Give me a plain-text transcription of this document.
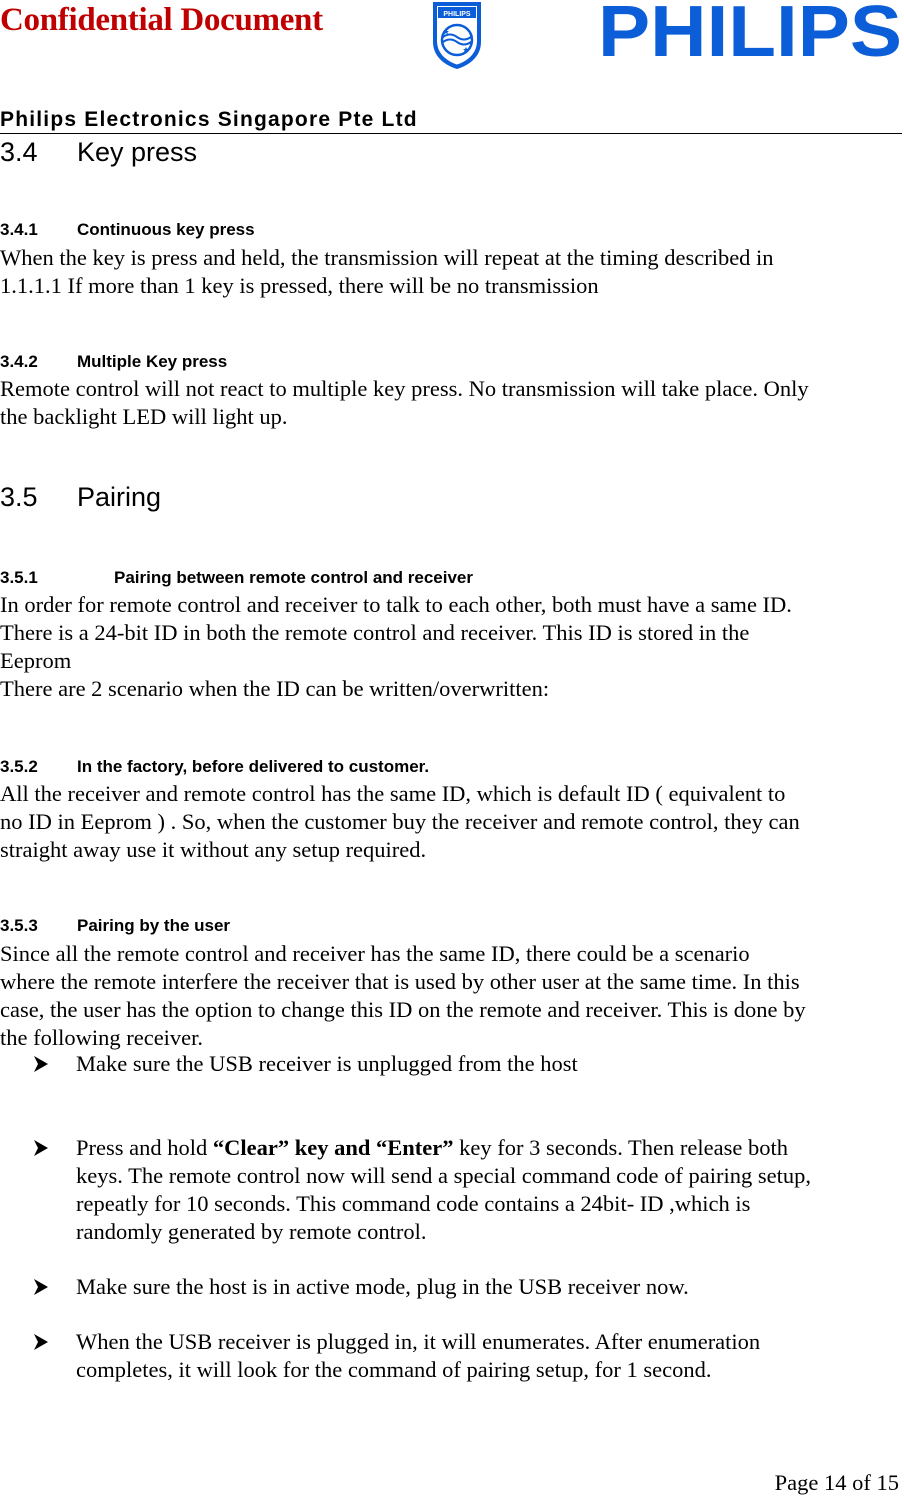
Confidential Document	PHILIPS PHILIPS
Philips Electronics Singapore Pte Ltd
3.4 Key press
3.4.1 Continuous key press
When the key is press and held, the transmission will repeat at the timing described in
1.1.1.1 If more than 1 key is pressed, there will be no transmission
3.4.2 Multiple Key press
Remote control will not react to multiple key press. No transmission will take place. Only
the backlight LED will light up.
3.5 Pairing
3.5.1	Pairing between remote control and receiver
In order for remote control and receiver to talk to each other, both must have a same ID.
There is a 24-bit ID in both the remote control and receiver. This ID is stored in the
Eeprom
There are 2 scenario when the ID can be written/overwritten:
3.5.2 In the factory, before delivered to customer.
All the receiver and remote control has the same ID, which is default ID ( equivalent to
no ID in Eeprom ) . So, when the customer buy the receiver and remote control, they can
straight away use it without any setup required.
3.5.3 Pairing by the user
Since all the remote control and receiver has the same ID, there could be a scenario
where the remote interfere the receiver that is used by other user at the same time. In this
case, the user has the option to change this ID on the remote and receiver. This is done by
the following receiver.
Make sure the USB receiver is unplugged from the host
Press and hold “Clear” key and “Enter” key for 3 seconds. Then release both
keys. The remote control now will send a special command code of pairing setup,
repeatly for 10 seconds. This command code contains a 24bit- ID ,which is
randomly generated by remote control.
Make sure the host is in active mode, plug in the USB receiver now.
When the USB receiver is plugged in, it will enumerates. After enumeration
completes, it will look for the command of pairing setup, for 1 second.
Page 14 of 15
